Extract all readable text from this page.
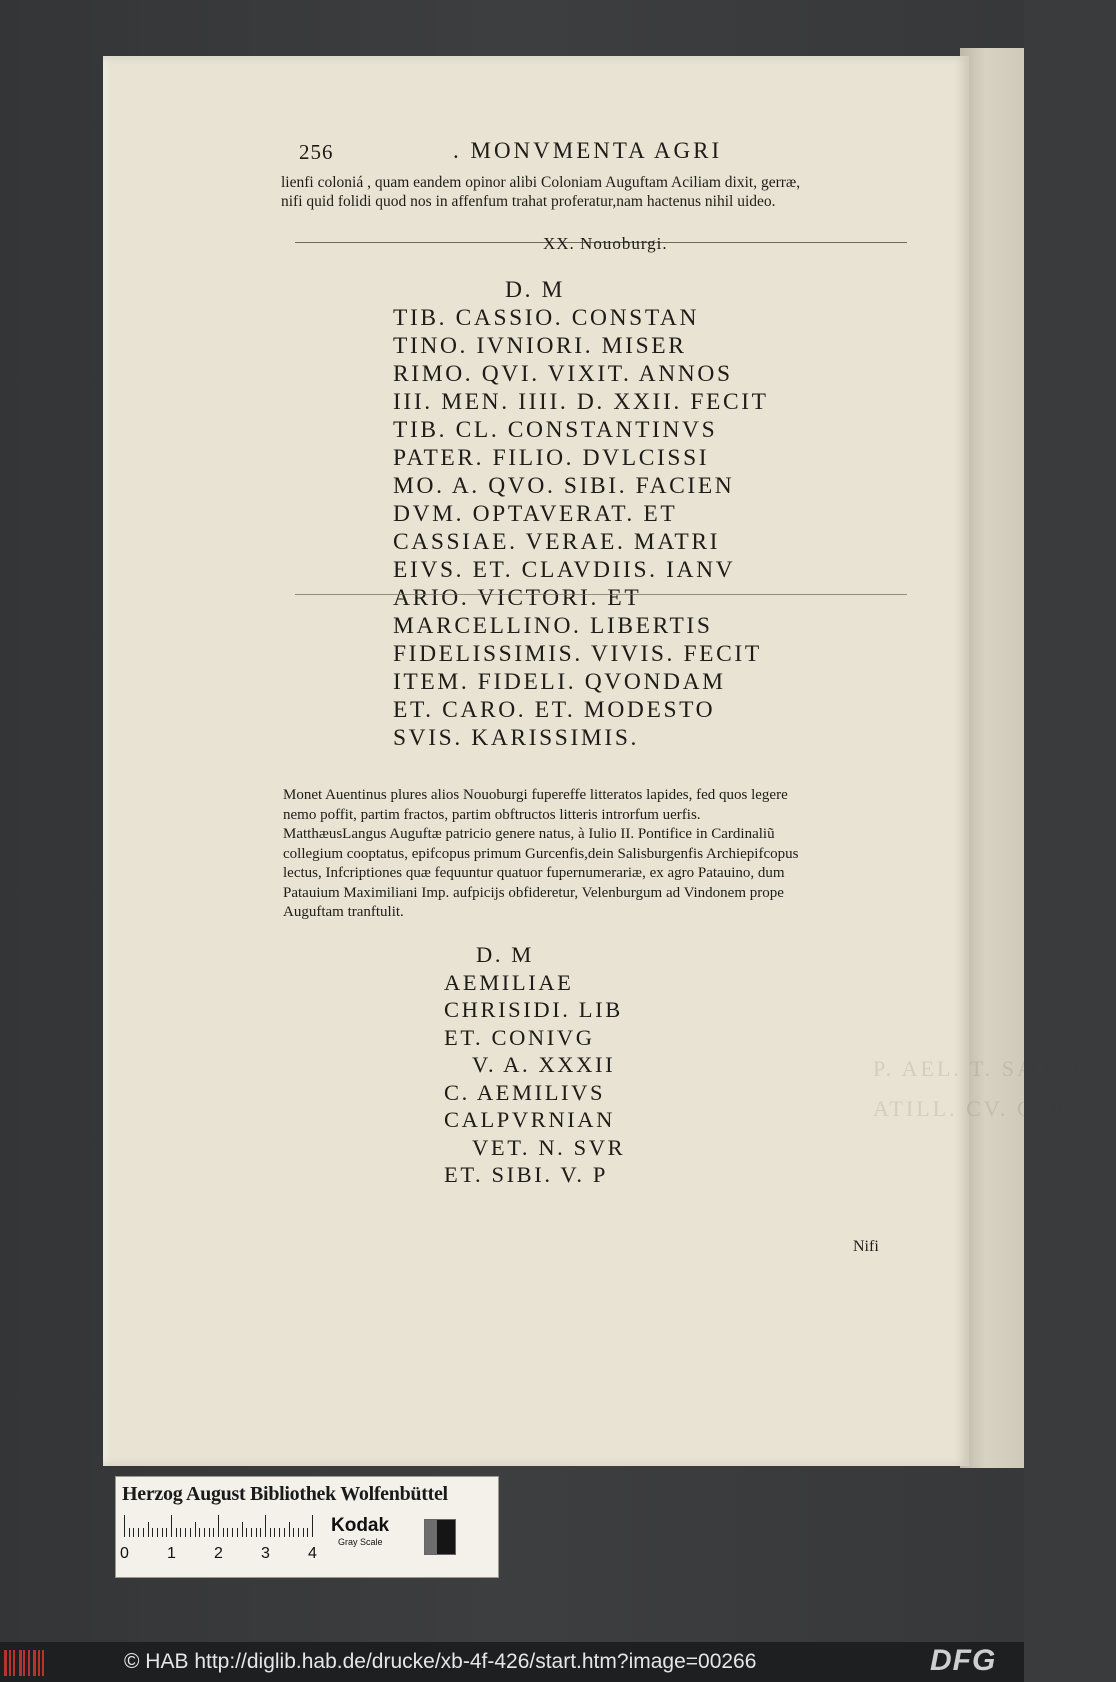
P. AEL. T. SATVRNI
ATILL. CV. CAP
256	. MONVMENTA AGRI
lienfi coloniá , quam eandem opinor alibi Coloniam Auguftam Aciliam dixit, gerræ,
nifi quid folidi quod nos in affenfum trahat proferatur,nam hactenus nihil uideo.
XX. Nouoburgi.
D. M
TIB. CASSIO. CONSTAN
TINO. IVNIORI. MISER
RIMO. QVI. VIXIT. ANNOS
III. MEN. IIII. D. XXII. FECIT
TIB. CL. CONSTANTINVS
PATER. FILIO. DVLCISSI
MO. A. QVO. SIBI. FACIEN
DVM. OPTAVERAT. ET
CASSIAE. VERAE. MATRI
EIVS. ET. CLAVDIIS. IANV
ARIO. VICTORI. ET
MARCELLINO. LIBERTIS
FIDELISSIMIS. VIVIS. FECIT
ITEM. FIDELI. QVONDAM
ET. CARO. ET. MODESTO
SVIS. KARISSIMIS.
Monet Auentinus plures alios Nouoburgi fupereffe litteratos lapides, fed quos legere
nemo poffit, partim fractos, partim obftructos litteris introrfum uerfis.
MatthæusLangus Auguftæ patricio genere natus, à Iulio II. Pontifice in Cardinaliũ
collegium cooptatus, epifcopus primum Gurcenfis,dein Salisburgenfis Archiepifcopus
lectus, Infcriptiones quæ fequuntur quatuor fupernumerariæ, ex agro Patauino, dum
Patauium Maximiliani Imp. aufpicijs obfideretur, Velenburgum ad Vindonem prope
Auguftam tranftulit.
D. M
AEMILIAE
CHRISIDI. LIB
ET. CONIVG
V. A. XXXII
C. AEMILIVS
CALPVRNIAN
VET. N. SVR
ET. SIBI. V. P
Nifi
Herzog August Bibliothek Wolfenbüttel
0 1 2 3 4
Kodak
Gray Scale
© HAB http://diglib.hab.de/drucke/xb-4f-426/start.htm?image=00266	DFG
